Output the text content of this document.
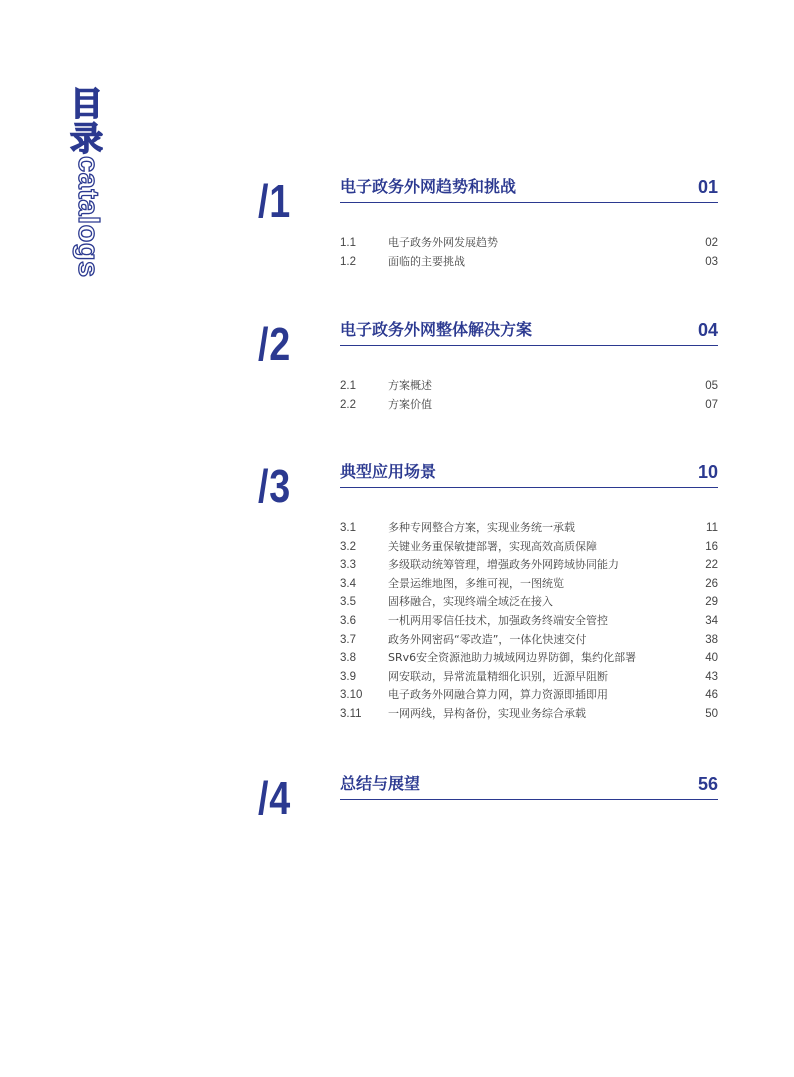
目录
catalogs	/1	电子政务外网趋势和挑战	01
1.1	电子政务外网发展趋势	02
1.2	面临的主要挑战	03
/2	电子政务外网整体解决方案	04
2.1	方案概述	05
2.2	方案价值	07
/3	典型应用场景	10
3.1	多种专网整合方案，实现业务统一承载	11
3.2	关键业务重保敏捷部署，实现高效高质保障	16
3.3	多级联动统筹管理，增强政务外网跨域协同能力	22
3.4	全景运维地图，多维可视，一图统览	26
3.5	固移融合，实现终端全域泛在接入	29
3.6	一机两用零信任技术，加强政务终端安全管控	34
3.7	政务外网密码“零改造”，一体化快速交付	38
3.8	SRv6安全资源池助力城域网边界防御，集约化部署	40
3.9	网安联动，异常流量精细化识别，近源早阻断	43
3.10 电子政务外网融合算力网，算力资源即插即用	46
3.11 一网两线，异构备份，实现业务综合承载	50
/4	总结与展望	56
